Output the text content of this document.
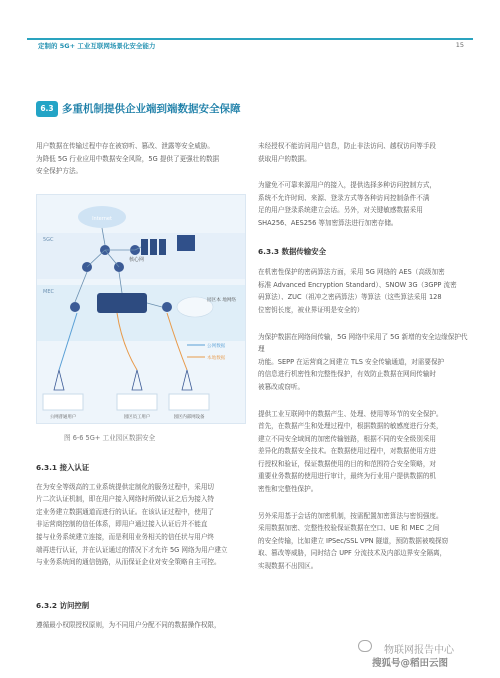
定制的 5G+ 工业互联网场景化安全能力	15
6.3 多重机制提供企业端到端数据安全保障

用户数据在传输过程中存在被窃听、篡改、泄露等安全威胁。

为降低 5G 行业应用中数据安全风险，5G 提供了更强壮的数据

安全保护方法。

Internet
5GC
核心网
MEC
园区本 地网络
公网数据
本地数据
公网普通用户	园区员工用户	园区内部网设备
图 6-6 5G+ 工业园区数据安全

6.3.1 接入认证

在为安全等级高的工业系统提供定制化的服务过程中，采用切

片二次认证机制，即在用户接入网络时所做认证之后为接入特

定业务建立数据通道而进行的认证。在该认证过程中，使用了

非运营商控制的信任体系，即用户通过接入认证后并不能直

接与业务系统建立连接，而是利用业务相关的信任状与用户终

端再进行认证，并在认证通过的情况下才允许 5G 网络为用户建立

与业务系统间的通信链路，从而保证企业对安全策略自主可控。

6.3.2 访问控制

遵循最小权限授权原则，为不同用户分配不同的数据操作权限，

未经授权不能访问用户信息，防止非法访问、越权访问等手段

获取用户的数据。

为避免不可靠来源用户的接入，提供选择多种访问控制方式，

系统不允许时间、来源、登录方式等各种访问控制条件不满

足的用户登录系统建立会话。另外，对关键敏感数据采用

SHA256、AES256 等加密算法进行加密存储。

6.3.3 数据传输安全

在机密性保护的密码算法方面，采用 5G 网络的 AES（高级加密

标准 Advanced Encryption Standard）、SNOW 3G（3GPP 流密

码算法）、ZUC（祖冲之密码算法）等算法（这些算法采用 128

位密钥长度，被业界证明是安全的）

为保护数据在网络间传输，5G 网络中采用了 5G 新增的安全边缘保护代理

功能。SEPP 在运营商之间建立 TLS 安全传输通道，对需要保护

的信息进行机密性和完整性保护，有效防止数据在网间传输时

被篡改或窃听。

提供工业互联网中的数据产生、处理、使用等环节的安全保护。

首先，在数据产生和处理过程中，根据数据的敏感度进行分类，

建立不同安全域间的加密传输链路，根据不同的安全级别采用

差异化的数据安全技术。在数据使用过程中，对数据使用方进

行授权和验证，保证数据使用的目的和范围符合安全策略，对

重要业务数据的使用进行审计，最终为行业用户提供数据的机

密性和完整性保护。

另外采用基于会话的加密机制，按需配置加密算法与密钥强度。

采用数据加密、完整性校验保证数据在空口、UE 和 MEC 之间

的安全传输，比如建立 IPSec/SSL VPN 隧道，预防数据被嗅探窃

取、篡改等威胁，同时结合 UPF 分流技术及内部边界安全隔离，

实现数据不出园区。

物联网报告中心
搜狐号@稻田云图
